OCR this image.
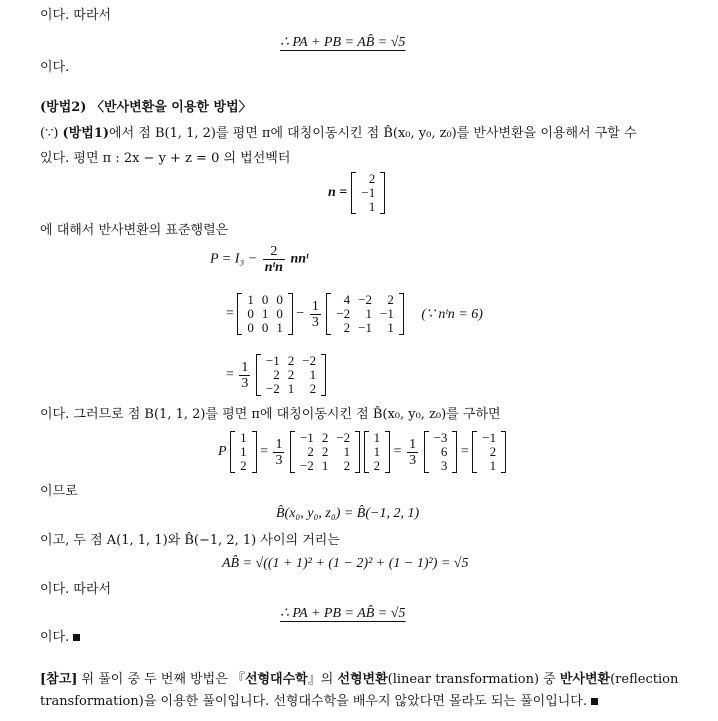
이다. 따라서
∴ PA + PB = AB̂ = √5
이다.
(방법2) 〈반사변환을 이용한 방법〉
(∵) (방법1)에서 점 B(1, 1, 2)를 평면 π에 대칭이동시킨 점 B̂(x₀, y₀, z₀)를 반사변환을 이용해서 구할 수
있다. 평면 π : 2x − y + z = 0 의 법선벡터
n =
2
−1
1
에 대해서 반사변환의 표준행렬은
$P = I_3 - \frac{2}{\text{nᵗn}}$ nnᵗ
=
1	0	0
0	1	0
0	0	1
− $\frac{1}{3}$
4	−2	2
−2	1	−1
2	−1	1
(∵ nᵗn = 6)
= $\frac{1}{3}$
−1	2	−2
2	2	1
−2	1	2
이다. 그러므로 점 B(1, 1, 2)를 평면 π에 대칭이동시킨 점 B̂(x₀, y₀, z₀)를 구하면
P
1
1
2
= $\frac{1}{3}$
−1	2	−2
2	2	1
−2	1	2

1
1
2
= $\frac{1}{3}$
−3
6
3
=
−1
2
1
이므로
B̂(x₀, y₀, z₀) = B̂(−1, 2, 1)
이고, 두 점 A(1, 1, 1)와 B̂(−1, 2, 1) 사이의 거리는
AB̂ = √((1 + 1)² + (1 − 2)² + (1 − 1)²) = √5
이다. 따라서
∴ PA + PB = AB̂ = √5
이다.
[참고] 위 풀이 중 두 번째 방법은 『선형대수학』의 선형변환(linear transformation) 중 반사변환(reflection
transformation)을 이용한 풀이입니다. 선형대수학을 배우지 않았다면 몰라도 되는 풀이입니다.
